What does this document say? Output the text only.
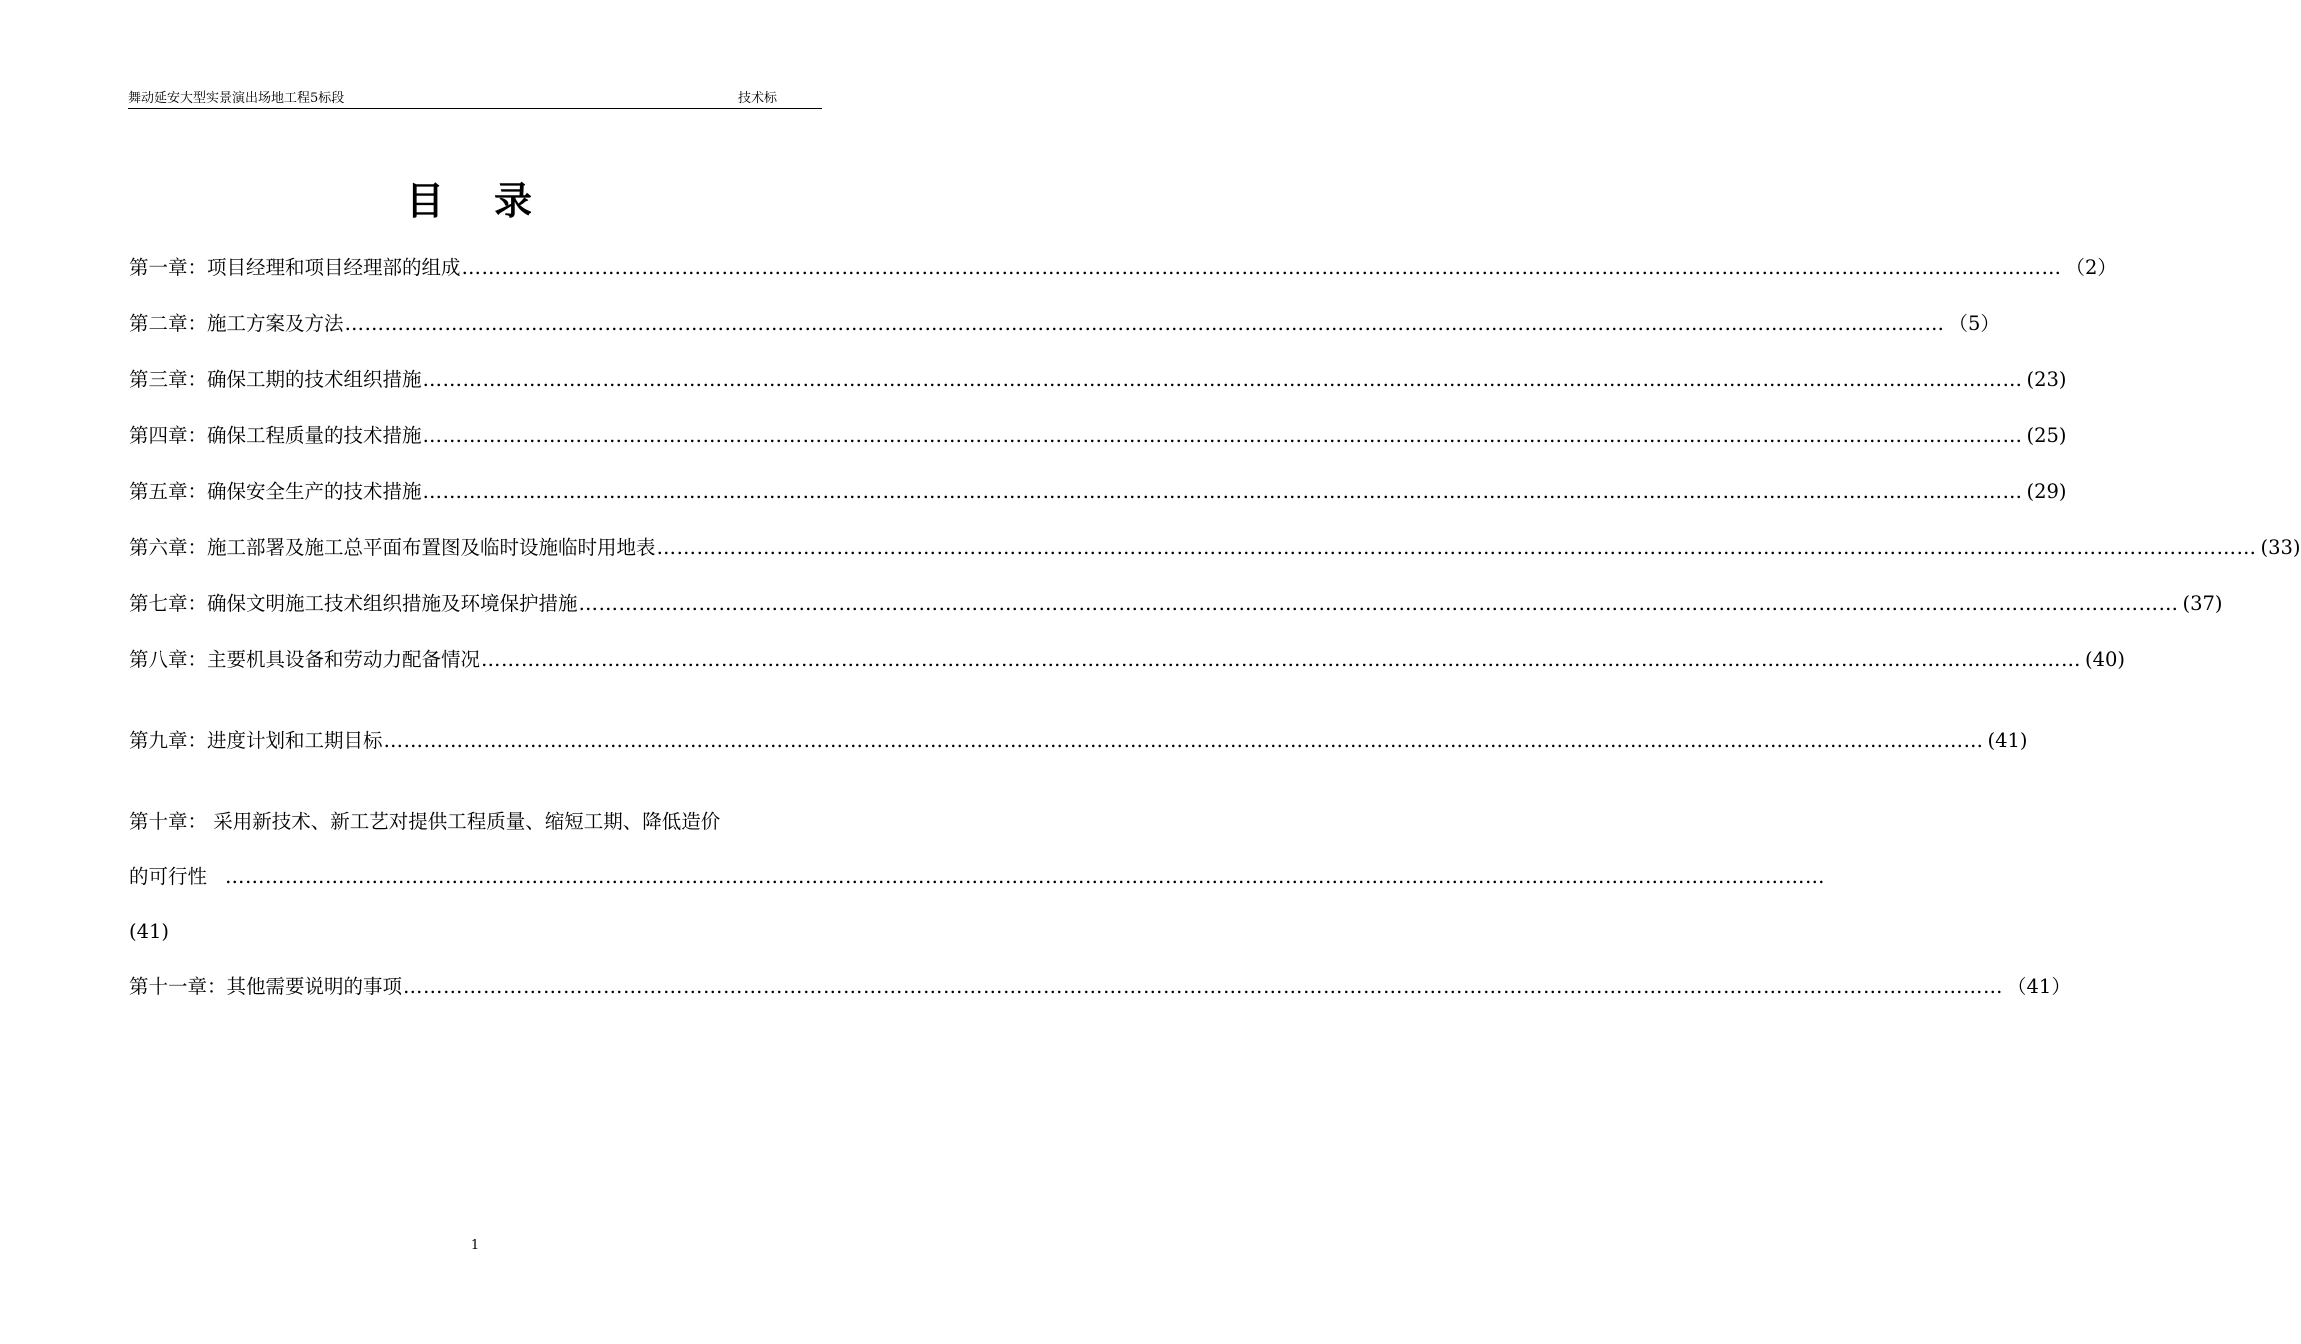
舞动延安大型实景演出场地工程5标段	技术标
目录
第一章：项目经理和项目经理部的组成 …………………………………………………………………………………………………………………………………………………………………………………………………………………… （2）
第二章：施工方案及方法 …………………………………………………………………………………………………………………………………………………………………………………………………………………… （5）
第三章：确保工期的技术组织措施 …………………………………………………………………………………………………………………………………………………………………………………………………………………… (23)
第四章：确保工程质量的技术措施 …………………………………………………………………………………………………………………………………………………………………………………………………………………… (25)
第五章：确保安全生产的技术措施 …………………………………………………………………………………………………………………………………………………………………………………………………………………… (29)
第六章：施工部署及施工总平面布置图及临时设施临时用地表 …………………………………………………………………………………………………………………………………………………………………………………………………………………… (33)
第七章：确保文明施工技术组织措施及环境保护措施 …………………………………………………………………………………………………………………………………………………………………………………………………………………… (37)
第八章：主要机具设备和劳动力配备情况 …………………………………………………………………………………………………………………………………………………………………………………………………………………… (40)
第九章：进度计划和工期目标 …………………………………………………………………………………………………………………………………………………………………………………………………………………… (41)
第十章： 采用新技术、新工艺对提供工程质量、缩短工期、降低造价
的可行性 ……………………………………………………………………………………………………………………………………………………………………………………………………………………
(41)
第十一章：其他需要说明的事项 …………………………………………………………………………………………………………………………………………………………………………………………………………………… （41）
1
